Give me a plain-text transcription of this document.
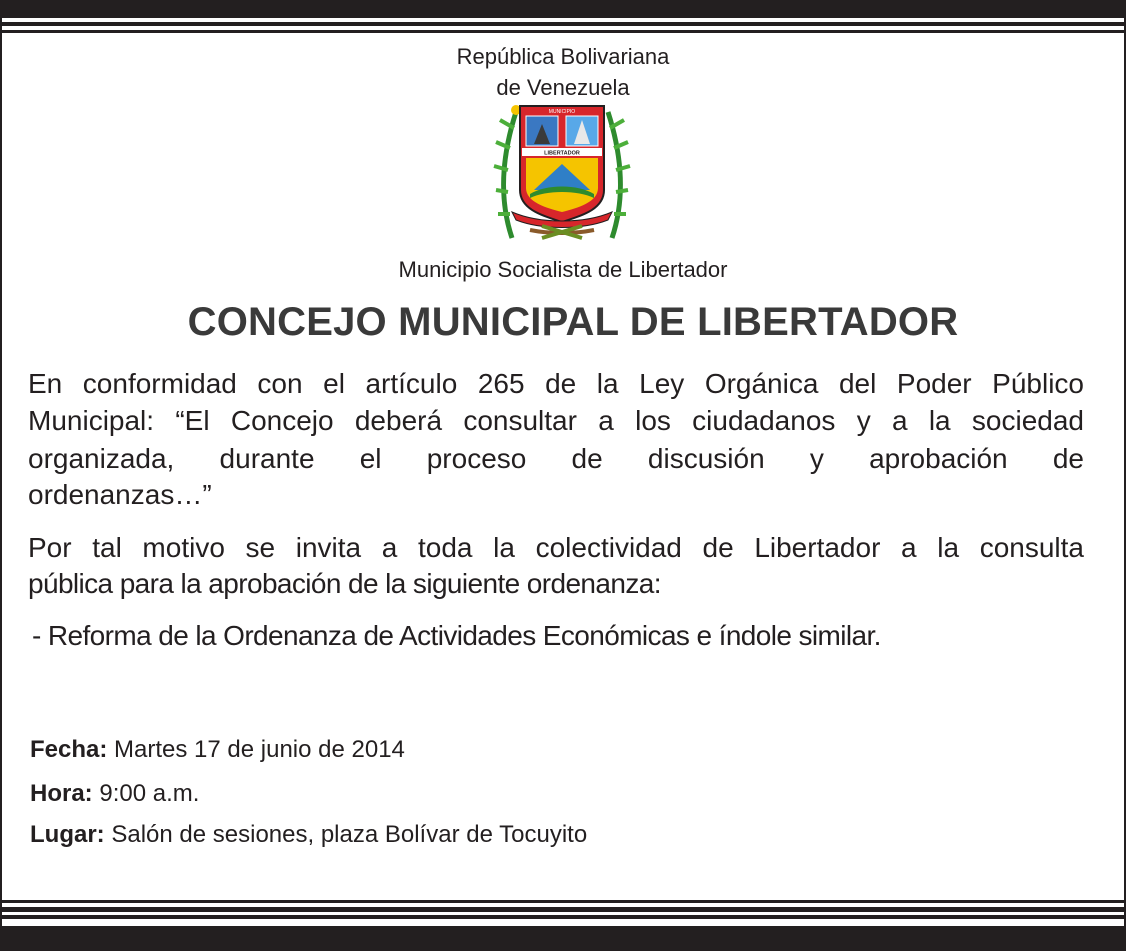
República Bolivariana
de Venezuela
MUNICIPIO
LIBERTADOR
Municipio Socialista de Libertador
CONCEJO MUNICIPAL DE LIBERTADOR
En conformidad con el artículo 265 de la Ley Orgánica del Poder Público
Municipal: “El Concejo deberá consultar a los ciudadanos y a la sociedad
organizada, durante el proceso de discusión y aprobación de
ordenanzas…”
Por tal motivo se invita a toda la colectividad de Libertador a la consulta
pública para la aprobación de la siguiente ordenanza:
- Reforma de la Ordenanza de Actividades Económicas e índole similar.
Fecha: Martes 17 de junio de 2014
Hora: 9:00 a.m.
Lugar: Salón de sesiones, plaza Bolívar de Tocuyito
